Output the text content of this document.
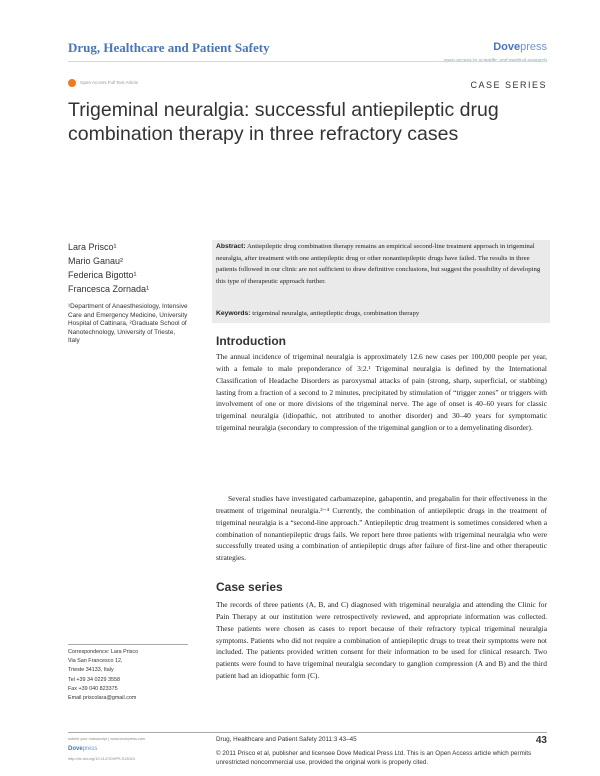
Drug, Healthcare and Patient Safety	Dovepress
Open Access Full Text Article	CASE SERIES
Trigeminal neuralgia: successful antiepileptic drug combination therapy in three refractory cases
Lara Prisco¹
Mario Ganau²
Federica Bigotto¹
Francesca Zornada¹
¹Department of Anaesthesiology, Intensive Care and Emergency Medicine, University Hospital of Cattinara, ²Graduate School of Nanotechnology, University of Trieste, Italy
Abstract: Antiepileptic drug combination therapy remains an empirical second-line treatment approach in trigeminal neuralgia, after treatment with one antiepileptic drug or other nonantiepileptic drugs have failed. The results in three patients followed in our clinic are not sufficient to draw definitive conclusions, but suggest the possibility of developing this type of therapeutic approach further.
Keywords: trigeminal neuralgia, antiepileptic drugs, combination therapy
Introduction
The annual incidence of trigeminal neuralgia is approximately 12.6 new cases per 100,000 people per year, with a female to male preponderance of 3:2.¹ Trigeminal neuralgia is defined by the International Classification of Headache Disorders as paroxysmal attacks of pain (strong, sharp, superficial, or stabbing) lasting from a fraction of a second to 2 minutes, precipitated by stimulation of “trigger zones” or triggers with involvement of one or more divisions of the trigeminal nerve. The age of onset is 40–60 years for classic trigeminal neuralgia (idiopathic, not attributed to another disorder) and 30–40 years for symptomatic trigeminal neuralgia (secondary to compression of the trigeminal ganglion or to a demyelinating disorder).
Several studies have investigated carbamazepine, gabapentin, and pregabalin for their effectiveness in the treatment of trigeminal neuralgia.²⁻⁴ Currently, the combination of antiepileptic drugs in the treatment of trigeminal neuralgia is a “second-line approach.” Antiepileptic drug treatment is sometimes considered when a combination of nonantiepileptic drugs fails. We report here three patients with trigeminal neuralgia who were successfully treated using a combination of antiepileptic drugs after failure of first-line and other therapeutic strategies.
Case series
The records of three patients (A, B, and C) diagnosed with trigeminal neuralgia and attending the Clinic for Pain Therapy at our institution were retrospectively reviewed, and appropriate information was collected. These patients were chosen as cases to report because of their refractory typical trigeminal neuralgia symptoms. Patients who did not require a combination of antiepileptic drugs to treat their symptoms were not included. The patients provided written consent for their information to be used for clinical research. Two patients were found to have trigeminal neuralgia secondary to ganglion compression (A and B) and the third patient had an idiopathic form (C).
Correspondence: Lara Prisco
Via San Francesco 12,
Trieste 34133, Italy
Tel +39 34 0229 3558
Fax +39 040 823375
Email priscolara@gmail.com
submit your manuscript | www.dovepress.com
Dovepress
http://dx.doi.org/10.2147/DHPS.S13043
Drug, Healthcare and Patient Safety 2011:3 43–45	43
© 2011 Prisco et al, publisher and licensee Dove Medical Press Ltd. This is an Open Access article which permits unrestricted noncommercial use, provided the original work is properly cited.
